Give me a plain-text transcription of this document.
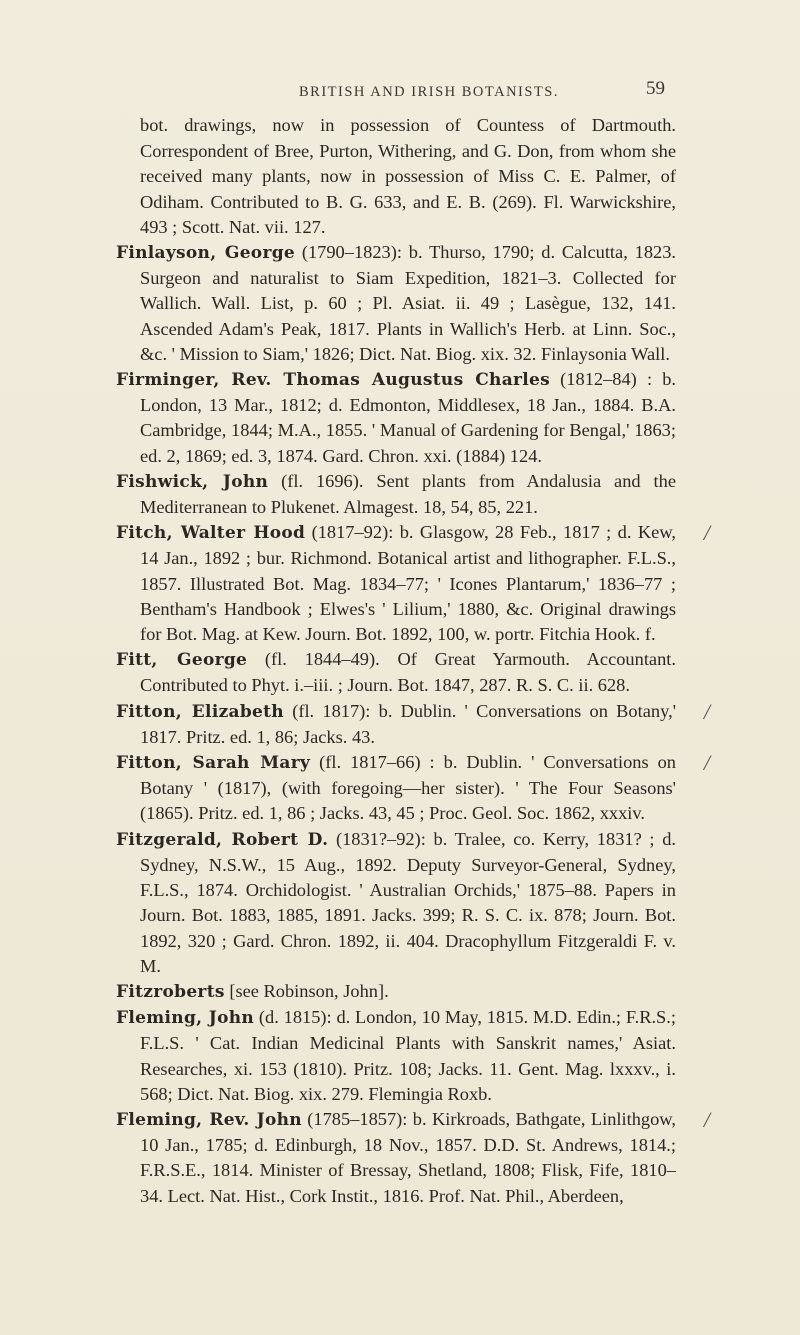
BRITISH AND IRISH BOTANISTS.	59
bot. drawings, now in possession of Countess of Dartmouth. Correspondent of Bree, Purton, Withering, and G. Don, from whom she received many plants, now in possession of Miss C. E. Palmer, of Odiham. Contributed to B. G. 633, and E. B. (269). Fl. Warwickshire, 493 ; Scott. Nat. vii. 127.
Finlayson, George (1790–1823): b. Thurso, 1790; d. Calcutta, 1823. Surgeon and naturalist to Siam Expedition, 1821–3. Collected for Wallich. Wall. List, p. 60 ; Pl. Asiat. ii. 49 ; Lasègue, 132, 141. Ascended Adam's Peak, 1817. Plants in Wallich's Herb. at Linn. Soc., &c. ' Mission to Siam,' 1826; Dict. Nat. Biog. xix. 32. Finlaysonia Wall.
Firminger, Rev. Thomas Augustus Charles (1812–84) : b. London, 13 Mar., 1812; d. Edmonton, Middlesex, 18 Jan., 1884. B.A. Cambridge, 1844; M.A., 1855. ' Manual of Gardening for Bengal,' 1863; ed. 2, 1869; ed. 3, 1874. Gard. Chron. xxi. (1884) 124.
Fishwick, John (fl. 1696). Sent plants from Andalusia and the Mediterranean to Plukenet. Almagest. 18, 54, 85, 221.
Fitch, Walter Hood (1817–92): b. Glasgow, 28 Feb., 1817 ; d. Kew, 14 Jan., 1892 ; bur. Richmond. Botanical artist and lithographer. F.L.S., 1857. Illustrated Bot. Mag. 1834–77; ' Icones Plantarum,' 1836–77 ; Bentham's Handbook ; Elwes's ' Lilium,' 1880, &c. Original drawings for Bot. Mag. at Kew. Journ. Bot. 1892, 100, w. portr. Fitchia Hook. f.
/
Fitt, George (fl. 1844–49). Of Great Yarmouth. Accountant. Contributed to Phyt. i.–iii. ; Journ. Bot. 1847, 287. R. S. C. ii. 628.
Fitton, Elizabeth (fl. 1817): b. Dublin. ' Conversations on Botany,' 1817. Pritz. ed. 1, 86; Jacks. 43.
/
Fitton, Sarah Mary (fl. 1817–66) : b. Dublin. ' Conversations on Botany ' (1817), (with foregoing—her sister). ' The Four Seasons' (1865). Pritz. ed. 1, 86 ; Jacks. 43, 45 ; Proc. Geol. Soc. 1862, xxxiv.
/
Fitzgerald, Robert D. (1831?–92): b. Tralee, co. Kerry, 1831? ; d. Sydney, N.S.W., 15 Aug., 1892. Deputy Surveyor-General, Sydney, F.L.S., 1874. Orchidologist. ' Australian Orchids,' 1875–88. Papers in Journ. Bot. 1883, 1885, 1891. Jacks. 399; R. S. C. ix. 878; Journ. Bot. 1892, 320 ; Gard. Chron. 1892, ii. 404. Dracophyllum Fitzgeraldi F. v. M.
Fitzroberts [see Robinson, John].
Fleming, John (d. 1815): d. London, 10 May, 1815. M.D. Edin.; F.R.S.; F.L.S. ' Cat. Indian Medicinal Plants with Sanskrit names,' Asiat. Researches, xi. 153 (1810). Pritz. 108; Jacks. 11. Gent. Mag. lxxxv., i. 568; Dict. Nat. Biog. xix. 279. Flemingia Roxb.
Fleming, Rev. John (1785–1857): b. Kirkroads, Bathgate, Linlithgow, 10 Jan., 1785; d. Edinburgh, 18 Nov., 1857. D.D. St. Andrews, 1814.; F.R.S.E., 1814. Minister of Bressay, Shetland, 1808; Flisk, Fife, 1810–34. Lect. Nat. Hist., Cork Instit., 1816. Prof. Nat. Phil., Aberdeen,
/
